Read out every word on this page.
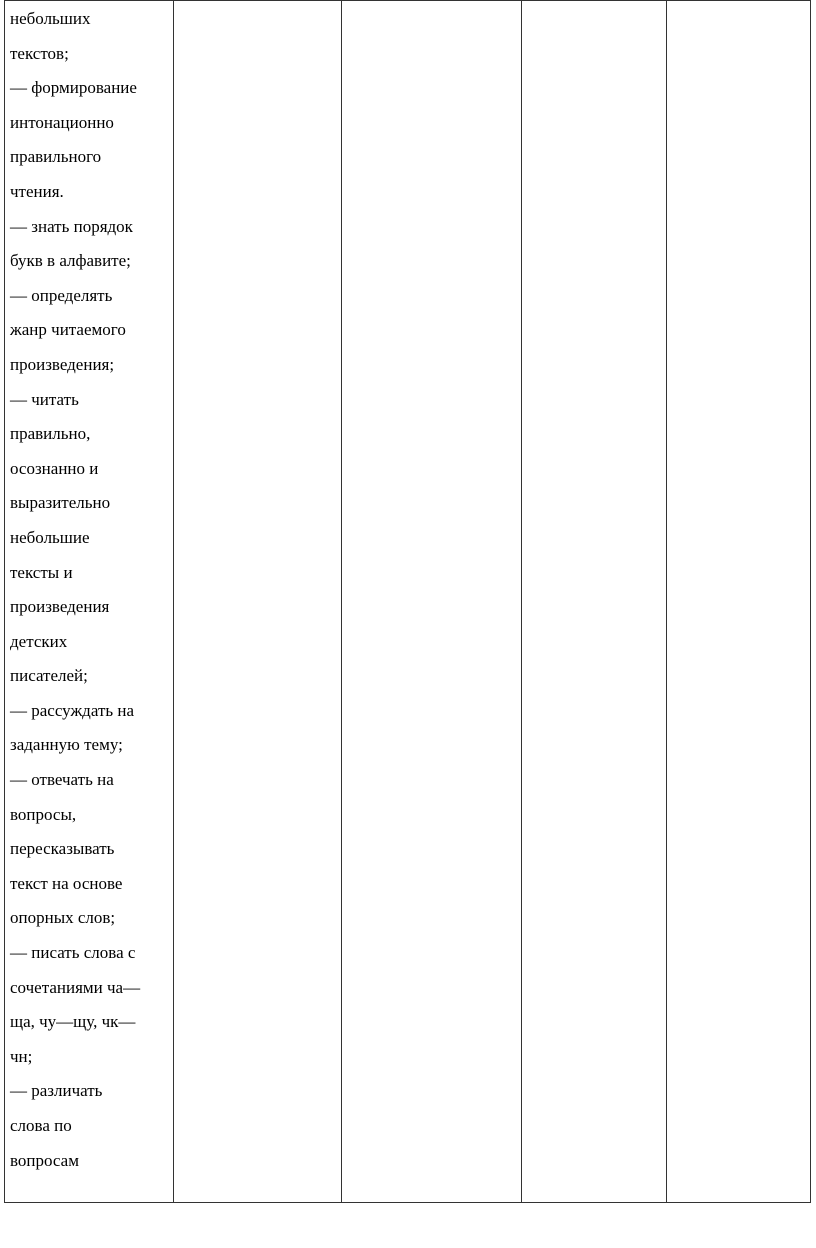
небольших
текстов;
— формирование
интонационно
правильного
чтения.
— знать порядок
букв в алфавите;
— определять
жанр читаемого
произведения;
— читать
правильно,
осознанно и
выразительно
небольшие
тексты и
произведения
детских
писателей;
— рассуждать на
заданную тему;
— отвечать на
вопросы,
пересказывать
текст на основе
опорных слов;
— писать слова с
сочетаниями ча—
ща, чу—щу, чк—
чн;
— различать
слова по
вопросам
